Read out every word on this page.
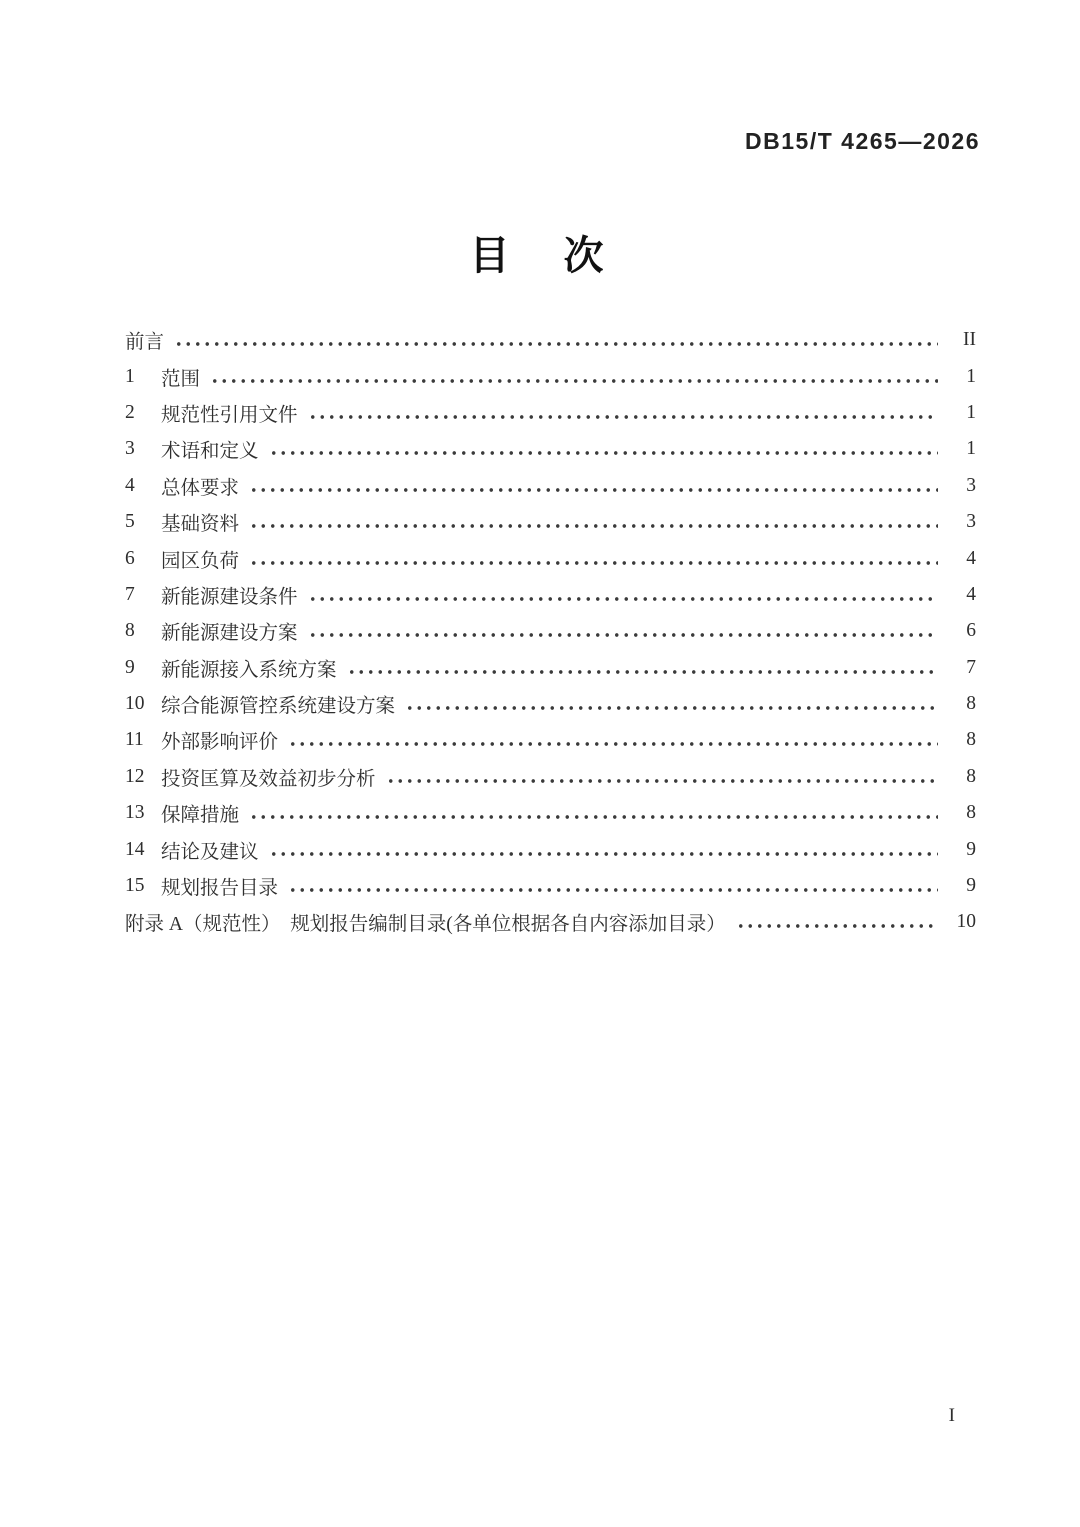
DB15/T 4265—2026
目　次
前言	II
1	范围	1
2	规范性引用文件	1
3	术语和定义	1
4	总体要求	3
5	基础资料	3
6	园区负荷	4
7	新能源建设条件	4
8	新能源建设方案	6
9	新能源接入系统方案	7
10 综合能源管控系统建设方案	8
11 外部影响评价	8
12 投资匡算及效益初步分析	8
13 保障措施	8
14 结论及建议	9
15 规划报告目录	9
附录 A（规范性）　规划报告编制目录(各单位根据各自内容添加目录）	10
I
